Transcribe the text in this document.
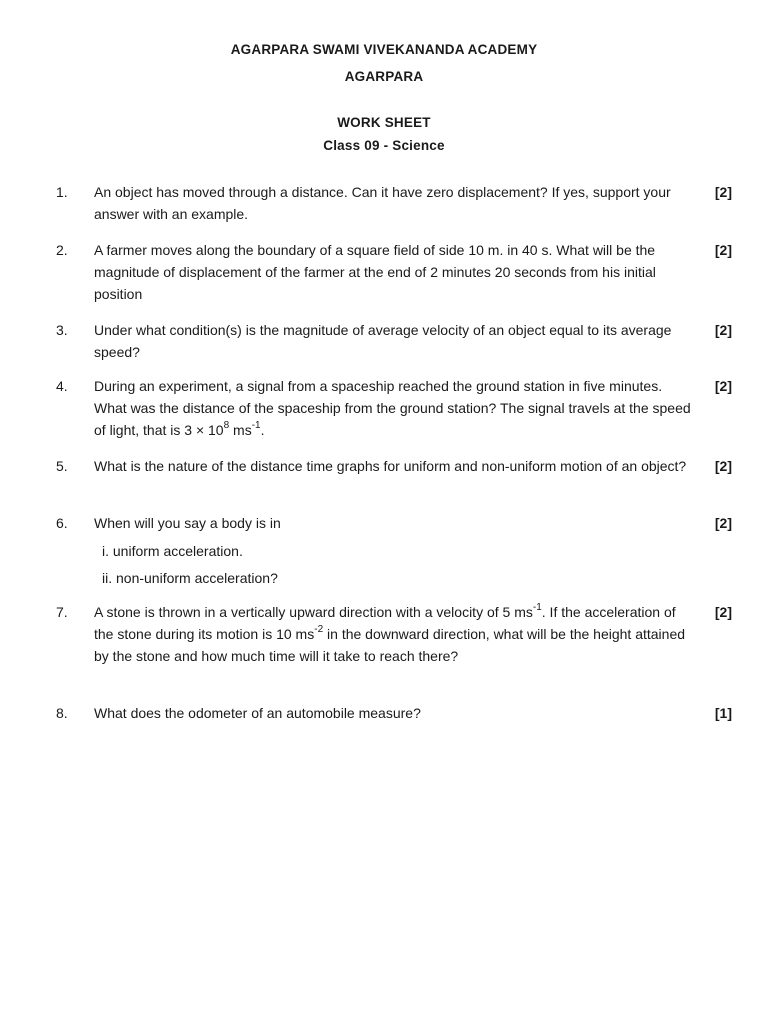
AGARPARA SWAMI VIVEKANANDA ACADEMY
AGARPARA
WORK SHEET
Class 09 - Science
1. An object has moved through a distance. Can it have zero displacement? If yes, support your answer with an example.
[2]
2. A farmer moves along the boundary of a square field of side 10 m. in 40 s. What will be the magnitude of displacement of the farmer at the end of 2 minutes 20 seconds from his initial position
[2]
3. Under what condition(s) is the magnitude of average velocity of an object equal to its average speed?
[2]
4. During an experiment, a signal from a spaceship reached the ground station in five minutes. What was the distance of the spaceship from the ground station? The signal travels at the speed of light, that is $3 \times 10^8$ $ms^{-1}$.
[2]
5. What is the nature of the distance time graphs for uniform and non-uniform motion of an object?	[2]
6. When will you say a body is in
i. uniform acceleration.
ii. non-uniform acceleration?
[2]
7. A stone is thrown in a vertically upward direction with a velocity of 5 $ms^{-1}$. If the acceleration of the stone during its motion is 10 $ms^{-2}$ in the downward direction, what will be the height attained by the stone and how much time will it take to reach there?
[2]
8. What does the odometer of an automobile measure?	[1]
